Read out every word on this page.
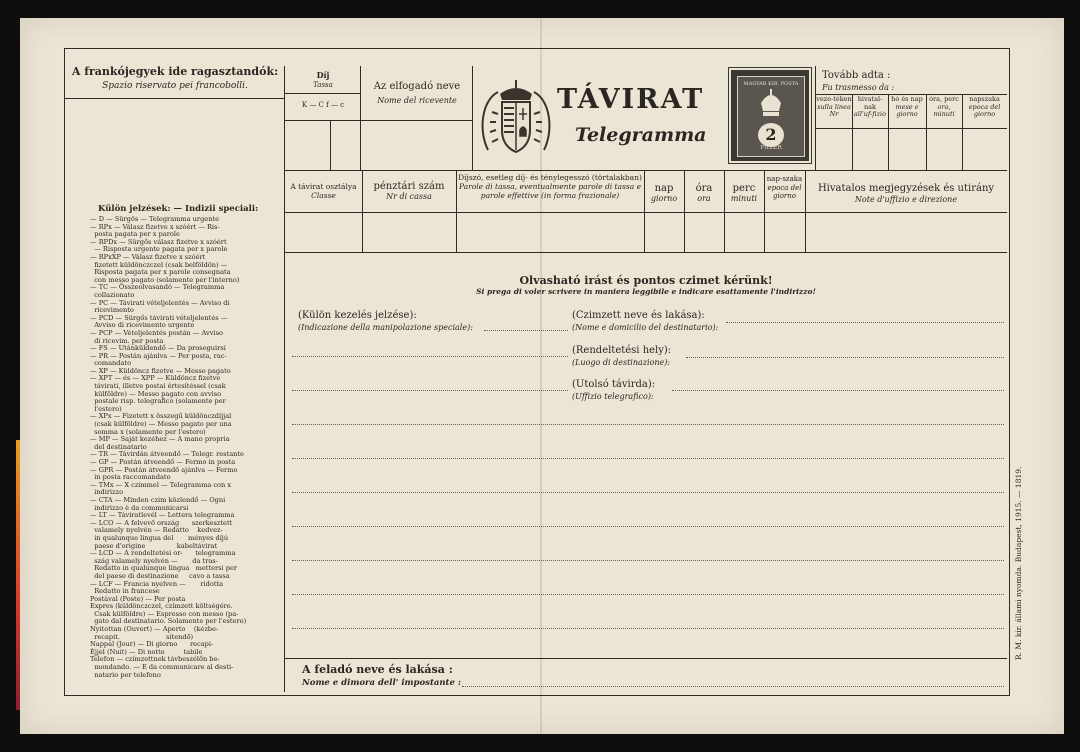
A frankójegyek ide ragasztandók:
Spazio riservato pei francobolli.
Díj
Tassa
K — C f — c
Az elfogadó neve
Nome del ricevente	TÁVIRAT
Telegramma
MAGYAR KIR. POSTA
2
FILLÉR
Tovább adta :
Fu trasmesso da :
veze-téken
sulla linea Nr
hivatal-nak
all'uf-fizio
hó és nap
mese e giorno
óra, perc
ora, minuti
napszaka
epoca del giorno
A távirat osztálya
Classe
pénztári szám
Nr di cassa
Díjszó, esetleg díj- és ténylegesszó (törtalakban)
Parole di tassa, eventualmente parole di tassa e parole effettive (in forma frazionale)
nap
giorno
óra
ora
perc
minuti
nap-szaka
epoca del giorno
Hivatalos megjegyzések és utirány
Note d'uffizio e direzione
Olvasható irást és pontos czimet kérünk!
Si prega di voler scrivere in maniera leggibile e indicare esattamente l'indirizzo!
(Külön kezelés jelzése):
(Indicazione della manipolazione speciale):
(Czimzett neve és lakása):
(Nome e domicilio del destinatario):
(Rendeltetési hely):
(Luogo di destinazione):
(Utolsó távirda):
(Uffizio telegrafico):
A feladó neve és lakása :
Nome e dimora dell' impostante :
Külön jelzések: — Indizii speciali:
— D — Sürgős — Telegramma urgente
— RPx — Válasz fizetve x szóért — Ris-
posta pagata per x parole
— RPDx — Sürgős válasz fizetve x szóért
— Risposta urgente pagata per x parole
— RPxXP — Válasz fizetve x szóért
fizetett küldönczczel (csak belföldön) —
Risposta pagata per x parole consegnata
con messo pagato (solamente per l'interno)
— TC — Összeolvasandó — Telegramma
collazionato
— PC — Távirati vételjelentés — Avviso di
ricevimento
— PCD — Sürgős távirati vételjelentés —
Avviso di ricevimento urgente
— PCP — Vételjelentés postán — Avviso
di ricevim. per posta
— FS — Utánküldendő — Da proseguirsi
— PR — Postán ajánlva — Per posta, rac-
comandato
— XP — Küldöncz fizetve — Messo pagato
— XPT — és — XPP — Küldöncz fizetve
távirati, illetve postai értesítéssel (csak
külföldre) — Messo pagato con avviso
postale risp. telegrafico (solamente per
l'estero)
— XPx — Fizetett x összegű küldönczdíjjal
(csak külföldre) — Messo pagato per una
somma x (solamente per l'estero)
— MP — Saját kezéhez — A mano propria
del destinatario
— TR — Távirdán átveendő — Telegr. restante
— GP — Postán átveendő — Fermo in posta
— GPR — Postán átveendő ajánlva — Fermo
in posta raccomandato
— TMx — X czimmel — Telegramma con x
indirizzo
— CTA — Minden czim közlendő — Ogni
indirizzo è da communicarsi
— LT — Táviratlevél — Lettera telegramma
— LCO — A felvevő ország      szerkesztett
valamely nyelvén — Redatto    kedvez-
in qualunque lingua del       ményes díjú
paese d'origine               kabeltávirat
— LCD — A rendeltetési or-      telegramma
szág valamely nyelvén —       da tras-
Redatto in qualunque lingua   mettersi per
del paese di destinazione     cavo a tassa
— LCF — Francia nyelven —       ridotta
Redatto in francese
Postával (Poste) — Per posta
Expres (küldönczczel, czímzett költségére.
Csak külföldre) — Espresso con messo (pa-
gato dal destinatario. Solamente per l'estero)
Nyitottan (Ouvert) — Aperto    (kézbe-
recapit.                      sítendő)
Nappal (Jour) — Di giorno      recapi-
Éjjel (Nuit) — Di notte         tabile
Telefon — czímzettnek távbeszélőn be-
mondando. — E da communicare al desti-
natario per telefono
R. M. kir. állami nyomda. Budapest, 1915. — 1819.
